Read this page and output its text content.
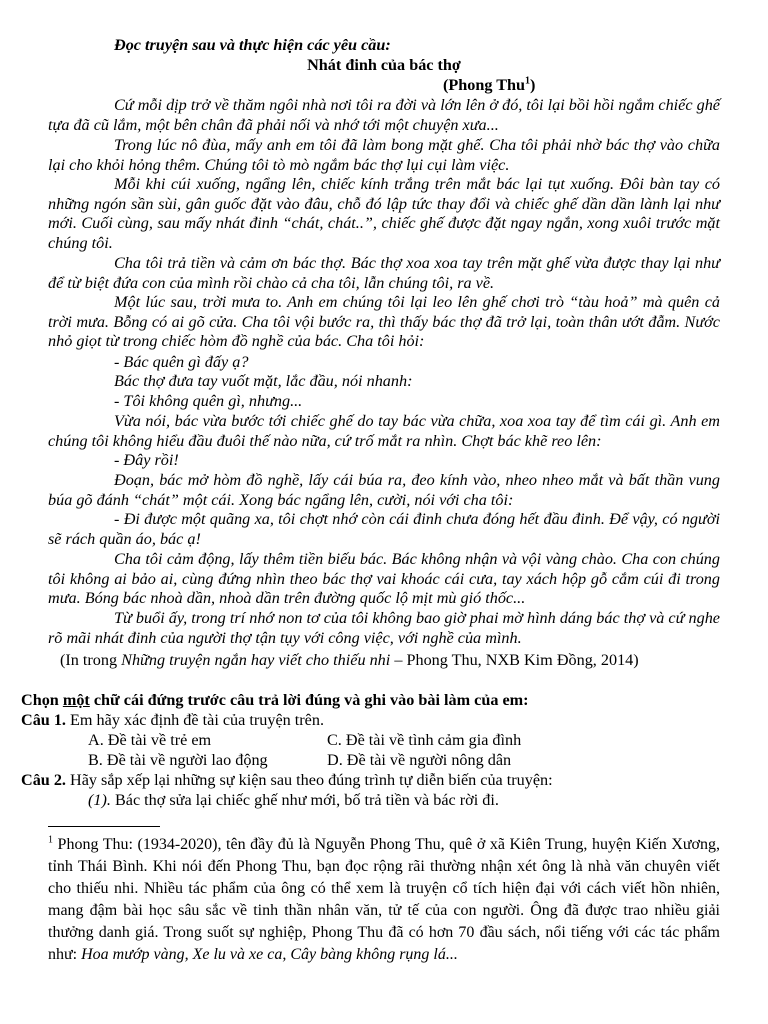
Đọc truyện sau và thực hiện các yêu cầu:
Nhát đinh của bác thợ
(Phong Thu$^1$)
Cứ mỗi dịp trở về thăm ngôi nhà nơi tôi ra đời và lớn lên ở đó, tôi lại bồi hồi ngắm chiếc ghế tựa đã cũ lắm, một bên chân đã phải nối và nhớ tới một chuyện xưa...
Trong lúc nô đùa, mấy anh em tôi đã làm bong mặt ghế. Cha tôi phải nhờ bác thợ vào chữa lại cho khỏi hỏng thêm. Chúng tôi tò mò ngắm bác thợ lụi cụi làm việc.
Mỗi khi cúi xuống, ngẩng lên, chiếc kính trắng trên mắt bác lại tụt xuống. Đôi bàn tay có những ngón sần sùi, gân guốc đặt vào đâu, chỗ đó lập tức thay đổi và chiếc ghế dần dần lành lại như mới. Cuối cùng, sau mấy nhát đinh “chát, chát..”, chiếc ghế được đặt ngay ngắn, xong xuôi trước mặt chúng tôi.
Cha tôi trả tiền và cảm ơn bác thợ. Bác thợ xoa xoa tay trên mặt ghế vừa được thay lại như để từ biệt đứa con của mình rồi chào cả cha tôi, lẫn chúng tôi, ra về.
Một lúc sau, trời mưa to. Anh em chúng tôi lại leo lên ghế chơi trò “tàu hoả” mà quên cả trời mưa. Bỗng có ai gõ cửa. Cha tôi vội bước ra, thì thấy bác thợ đã trở lại, toàn thân ướt đẫm. Nước nhỏ giọt từ trong chiếc hòm đồ nghề của bác. Cha tôi hỏi:
- Bác quên gì đấy ạ?
Bác thợ đưa tay vuốt mặt, lắc đầu, nói nhanh:
- Tôi không quên gì, nhưng...
Vừa nói, bác vừa bước tới chiếc ghế do tay bác vừa chữa, xoa xoa tay để tìm cái gì. Anh em chúng tôi không hiểu đầu đuôi thế nào nữa, cứ trố mắt ra nhìn. Chợt bác khẽ reo lên:
- Đây rồi!
Đoạn, bác mở hòm đồ nghề, lấy cái búa ra, đeo kính vào, nheo nheo mắt và bất thần vung búa gõ đánh “chát” một cái. Xong bác ngẩng lên, cười, nói với cha tôi:
- Đi được một quãng xa, tôi chợt nhớ còn cái đinh chưa đóng hết đầu đinh. Để vậy, có người sẽ rách quần áo, bác ạ!
Cha tôi cảm động, lấy thêm tiền biếu bác. Bác không nhận và vội vàng chào. Cha con chúng tôi không ai bảo ai, cùng đứng nhìn theo bác thợ vai khoác cái cưa, tay xách hộp gỗ cắm cúi đi trong mưa. Bóng bác nhoà dần, nhoà dần trên đường quốc lộ mịt mù gió thốc...
Từ buổi ấy, trong trí nhớ non tơ của tôi không bao giờ phai mờ hình dáng bác thợ và cứ nghe rõ mãi nhát đinh của người thợ tận tụy với công việc, với nghề của mình.
(In trong Những truyện ngắn hay viết cho thiếu nhi – Phong Thu, NXB Kim Đồng, 2014)
Chọn một chữ cái đứng trước câu trả lời đúng và ghi vào bài làm của em:
Câu 1. Em hãy xác định đề tài của truyện trên.
A. Đề tài về trẻ em	C. Đề tài về tình cảm gia đình
B. Đề tài về người lao động	D. Đề tài về người nông dân
Câu 2. Hãy sắp xếp lại những sự kiện sau theo đúng trình tự diễn biến của truyện:
(1). Bác thợ sửa lại chiếc ghế như mới, bố trả tiền và bác rời đi.
$^1$ Phong Thu: (1934-2020), tên đầy đủ là Nguyễn Phong Thu, quê ở xã Kiên Trung, huyện Kiến Xương, tỉnh Thái Bình. Khi nói đến Phong Thu, bạn đọc rộng rãi thường nhận xét ông là nhà văn chuyên viết cho thiếu nhi. Nhiều tác phẩm của ông có thể xem là truyện cổ tích hiện đại với cách viết hồn nhiên, mang đậm bài học sâu sắc về tinh thần nhân văn, tử tế của con người. Ông đã được trao nhiều giải thưởng danh giá. Trong suốt sự nghiệp, Phong Thu đã có hơn 70 đầu sách, nổi tiếng với các tác phẩm như: Hoa mướp vàng, Xe lu và xe ca, Cây bàng không rụng lá...
